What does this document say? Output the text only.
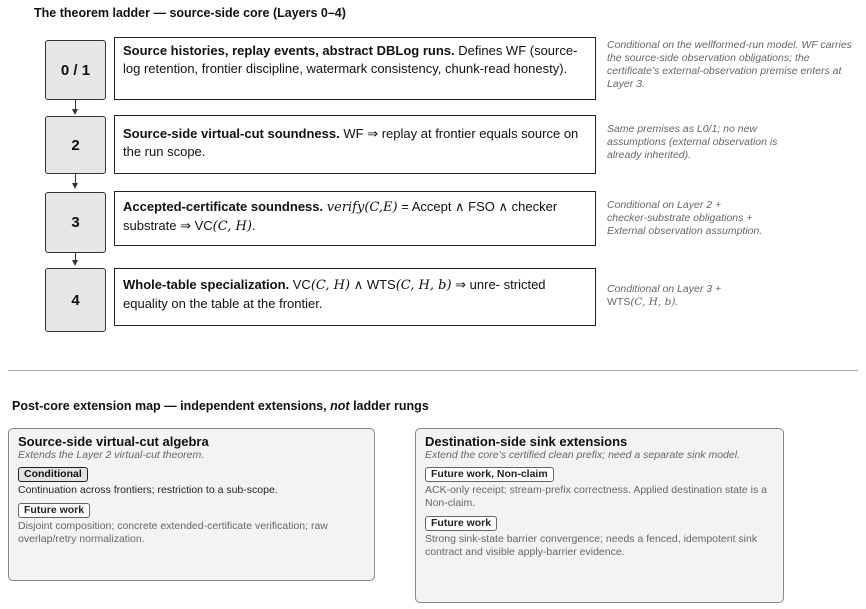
The theorem ladder — source-side core (Layers 0–4)
0 / 1
Source histories, replay events, abstract DBLog runs. Defines WF (source-log retention, frontier discipline, watermark consistency, chunk-read honesty).
Conditional on the wellformed-run model. WF carries the source-side observation obligations; the certificate’s external-observation premise enters at Layer 3.
2
Source-side virtual-cut soundness. WF ⇒ replay at frontier equals source on the run scope.
Same premises as L0/1; no new assumptions (external observation is already inherited).
3
Accepted-certificate soundness. verify(C,E) = Accept ∧ FSO ∧ checker substrate ⇒ VC(C, H).
Conditional on Layer 2 +
checker-substrate obligations +
External observation assumption.
4
Whole-table specialization. VC(C, H) ∧ WTS(C, H, b) ⇒ unre- stricted equality on the table at the frontier.
Conditional on Layer 3 +
WTS(C, H, b).
Post-core extension map — independent extensions, not ladder rungs
Source-side virtual-cut algebra
Extends the Layer 2 virtual-cut theorem.
Conditional
Continuation across frontiers; restriction to a sub-scope.
Future work
Disjoint composition; concrete extended-certificate verification; raw overlap/retry normalization.
Destination-side sink extensions
Extend the core’s certified clean prefix; need a separate sink model.
Future work, Non-claim
ACK-only receipt; stream-prefix correctness. Applied destination state is a Non-claim.
Future work
Strong sink-state barrier convergence; needs a fenced, idempotent sink contract and visible apply-barrier evidence.
